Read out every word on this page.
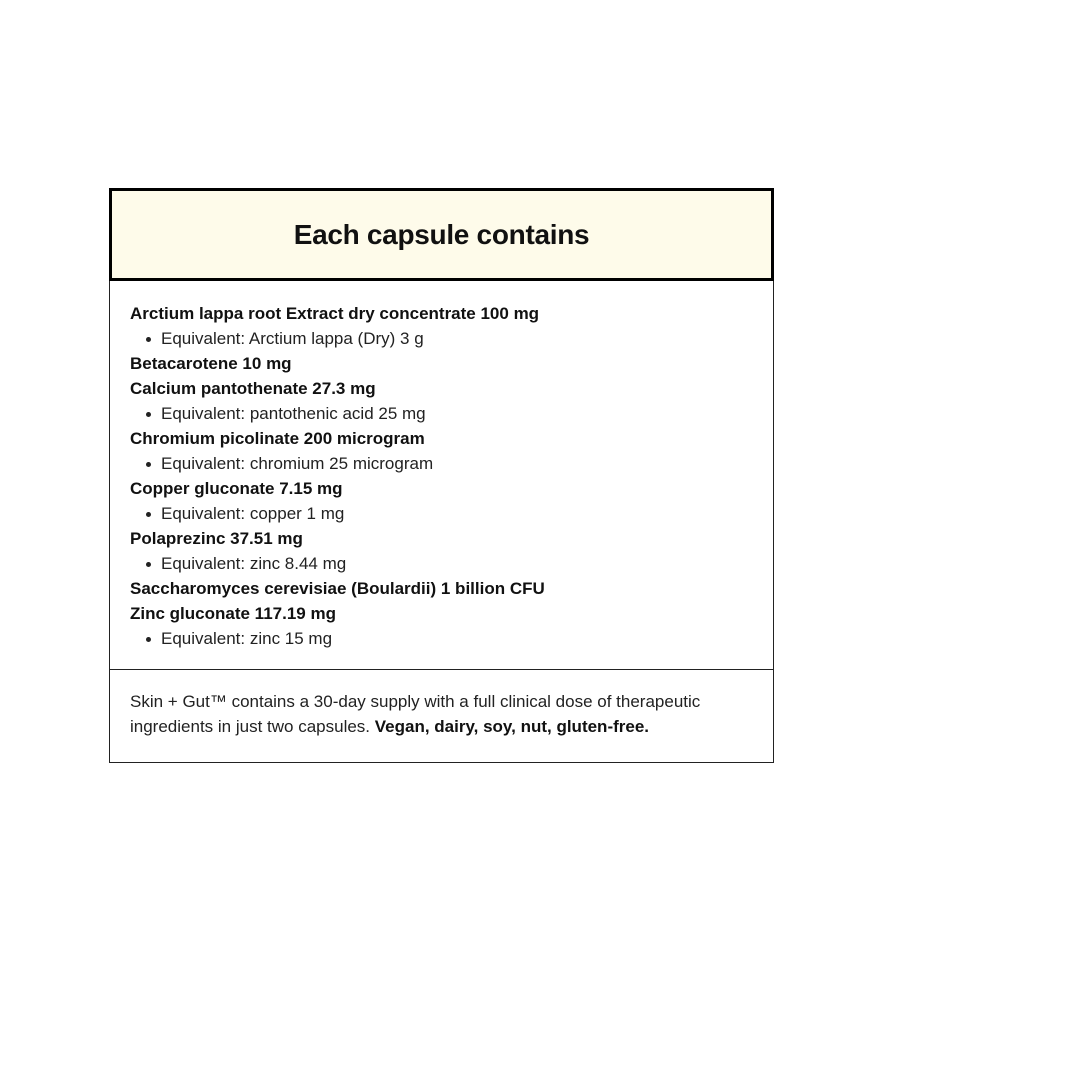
Each capsule contains

Arctium lappa root Extract dry concentrate 100 mg

Equivalent: Arctium lappa (Dry) 3 g

Betacarotene 10 mg

Calcium pantothenate 27.3 mg

Equivalent: pantothenic acid 25 mg

Chromium picolinate 200 microgram

Equivalent: chromium 25 microgram

Copper gluconate 7.15 mg

Equivalent: copper 1 mg

Polaprezinc 37.51 mg

Equivalent: zinc 8.44 mg

Saccharomyces cerevisiae (Boulardii) 1 billion CFU

Zinc gluconate 117.19 mg

Equivalent: zinc 15 mg
Skin + Gut™ contains a 30-day supply with a full clinical dose of therapeutic ingredients in just two capsules. Vegan, dairy, soy, nut, gluten-free.
